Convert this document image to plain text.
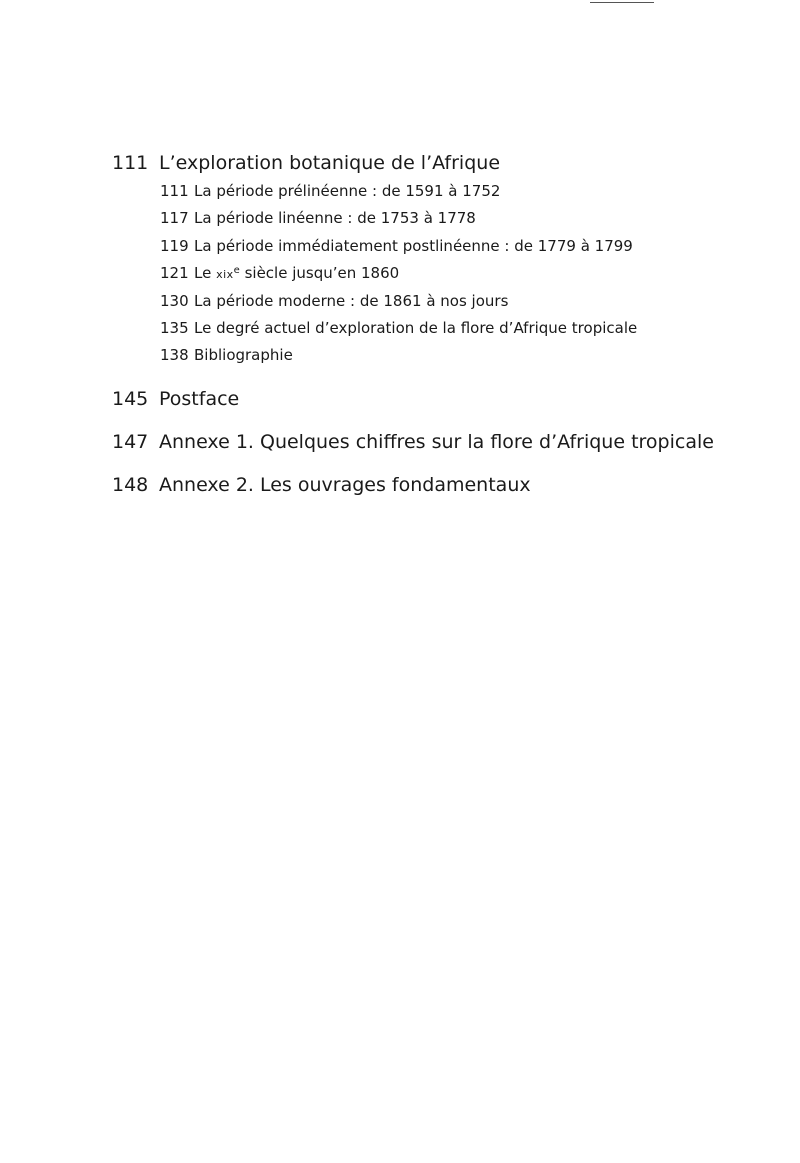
111 L’exploration botanique de l’Afrique
111 La période prélinéenne : de 1591 à 1752
117 La période linéenne : de 1753 à 1778
119 La période immédiatement postlinéenne : de 1779 à 1799
121 Le xix$^e$ siècle jusqu’en 1860
130 La période moderne : de 1861 à nos jours
135 Le degré actuel d’exploration de la flore d’Afrique tropicale
138 Bibliographie
145 Postface
147 Annexe 1. Quelques chiffres sur la flore d’Afrique tropicale
148 Annexe 2. Les ouvrages fondamentaux
